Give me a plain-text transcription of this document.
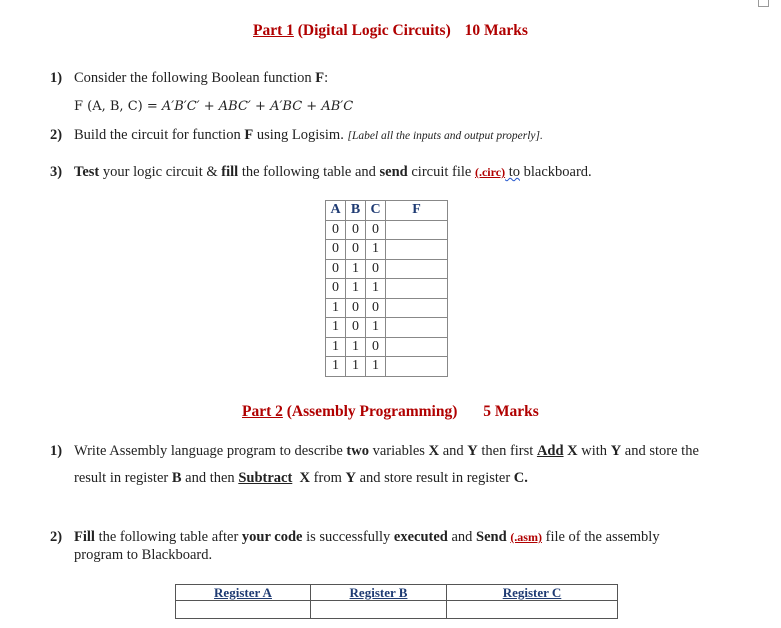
Part 1 (Digital Logic Circuits) 10 Marks
1) Consider the following Boolean function F:
F (A, B, C) = A′B′C′ + ABC′ + A′BC + AB′C
2) Build the circuit for function F using Logisim. [Label all the inputs and output properly].
3) Test your logic circuit & fill the following table and send circuit file (.circ) to blackboard.
A	B	C	F
0	0	0	
0	0	1	
0	1	0	
0	1	1	
1	0	0	
1	0	1	
1	1	0	
1	1	1	
Part 2 (Assembly Programming) 5 Marks
1) Write Assembly language program to describe two variables X and Y then first Add X with Y and store the
result in register B and then Subtract X from Y and store result in register C.
2) Fill the following table after your code is successfully executed and Send (.asm) file of the assembly
program to Blackboard.
Register A	Register B	Register C
